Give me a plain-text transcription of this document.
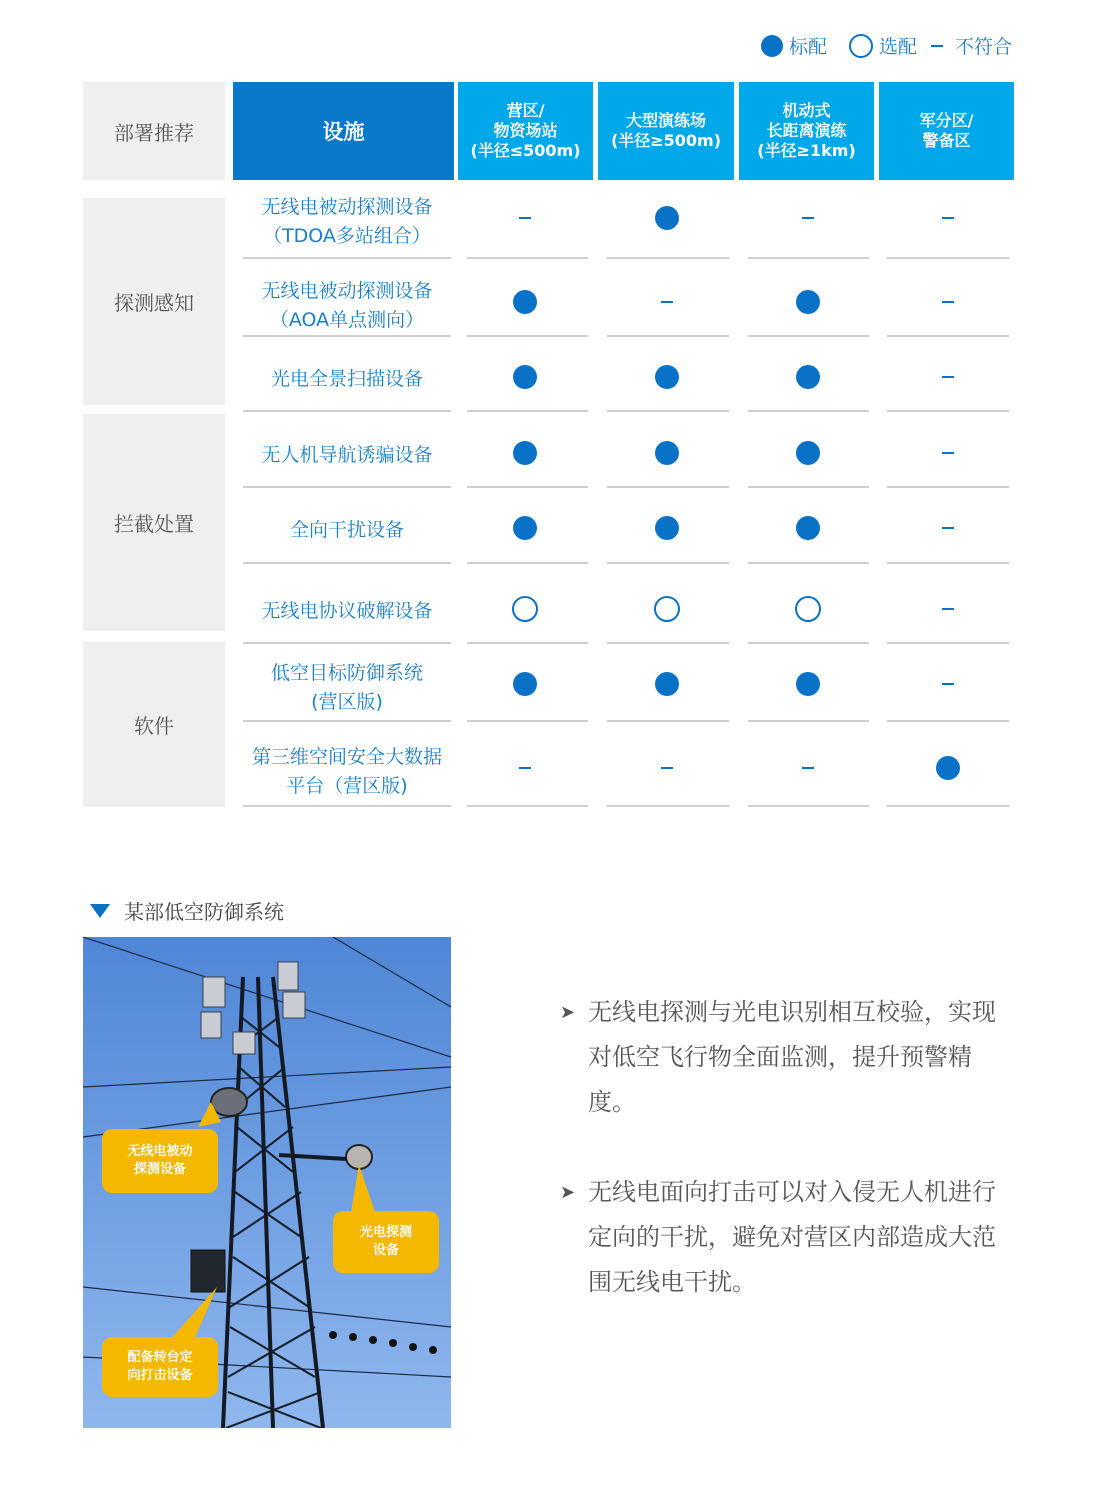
标配	选配 不符合
部署推荐	设施
营区/
物资场站
(半径≤500m)
大型演练场
(半径≥500m)
机动式
长距离演练
(半径≥1km)
军分区/
警备区
探测感知
拦截处置
软件
无线电被动探测设备
（TDOA多站组合）
无线电被动探测设备
（AOA单点测向）
光电全景扫描设备
无人机导航诱骗设备
全向干扰设备
无线电协议破解设备
低空目标防御系统
(营区版)
第三维空间安全大数据
平台（营区版)
某部低空防御系统
无线电被动
探测设备
光电探测
设备
配备转台定
向打击设备
➤ 无线电探测与光电识别相互校验，实现对低空飞行物全面监测，提升预警精度。
➤ 无线电面向打击可以对入侵无人机进行定向的干扰，避免对营区内部造成大范围无线电干扰。
